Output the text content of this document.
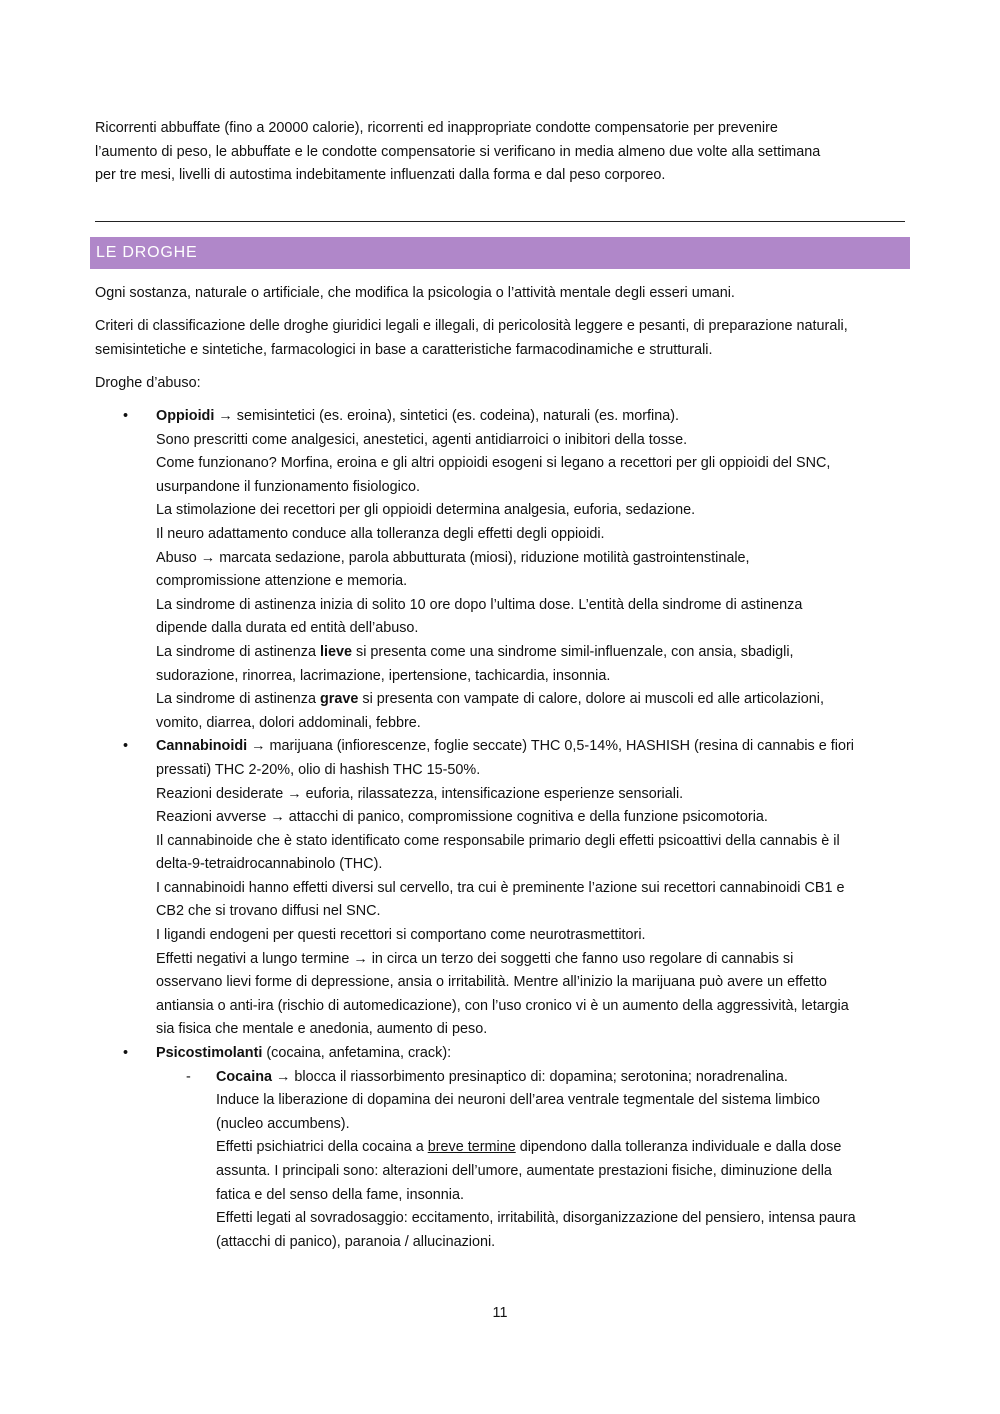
Ricorrenti abbuffate (fino a 20000 calorie), ricorrenti ed inappropriate condotte compensatorie per prevenire
l’aumento di peso, le abbuffate e le condotte compensatorie si verificano in media almeno due volte alla settimana
per tre mesi, livelli di autostima indebitamente influenzati dalla forma e dal peso corporeo.
LE DROGHE
Ogni sostanza, naturale o artificiale, che modifica la psicologia o l’attività mentale degli esseri umani.
Criteri di classificazione delle droghe giuridici legali e illegali, di pericolosità leggere e pesanti, di preparazione naturali,
semisintetiche e sintetiche, farmacologici in base a caratteristiche farmacodinamiche e strutturali.
Droghe d’abuso:
• Oppioidi → semisintetici (es. eroina), sintetici (es. codeina), naturali (es. morfina).
Sono prescritti come analgesici, anestetici, agenti antidiarroici o inibitori della tosse.
Come funzionano? Morfina, eroina e gli altri oppioidi esogeni si legano a recettori per gli oppioidi del SNC,
usurpandone il funzionamento fisiologico.
La stimolazione dei recettori per gli oppioidi determina analgesia, euforia, sedazione.
Il neuro adattamento conduce alla tolleranza degli effetti degli oppioidi.
Abuso → marcata sedazione, parola abbutturata (miosi), riduzione motilità gastrointenstinale,
compromissione attenzione e memoria.
La sindrome di astinenza inizia di solito 10 ore dopo l’ultima dose. L’entità della sindrome di astinenza
dipende dalla durata ed entità dell’abuso.
La sindrome di astinenza lieve si presenta come una sindrome simil-influenzale, con ansia, sbadigli,
sudorazione, rinorrea, lacrimazione, ipertensione, tachicardia, insonnia.
La sindrome di astinenza grave si presenta con vampate di calore, dolore ai muscoli ed alle articolazioni,
vomito, diarrea, dolori addominali, febbre.
• Cannabinoidi → marijuana (infiorescenze, foglie seccate) THC 0,5-14%, HASHISH (resina di cannabis e fiori
pressati) THC 2-20%, olio di hashish THC 15-50%.
Reazioni desiderate → euforia, rilassatezza, intensificazione esperienze sensoriali.
Reazioni avverse → attacchi di panico, compromissione cognitiva e della funzione psicomotoria.
Il cannabinoide che è stato identificato come responsabile primario degli effetti psicoattivi della cannabis è il
delta-9-tetraidrocannabinolo (THC).
I cannabinoidi hanno effetti diversi sul cervello, tra cui è preminente l’azione sui recettori cannabinoidi CB1 e
CB2 che si trovano diffusi nel SNC.
I ligandi endogeni per questi recettori si comportano come neurotrasmettitori.
Effetti negativi a lungo termine → in circa un terzo dei soggetti che fanno uso regolare di cannabis si
osservano lievi forme di depressione, ansia o irritabilità. Mentre all’inizio la marijuana può avere un effetto
antiansia o anti-ira (rischio di automedicazione), con l’uso cronico vi è un aumento della aggressività, letargia
sia fisica che mentale e anedonia, aumento di peso.
• Psicostimolanti (cocaina, anfetamina, crack):
- Cocaina → blocca il riassorbimento presinaptico di: dopamina; serotonina; noradrenalina.
Induce la liberazione di dopamina dei neuroni dell’area ventrale tegmentale del sistema limbico
(nucleo accumbens).
Effetti psichiatrici della cocaina a breve termine dipendono dalla tolleranza individuale e dalla dose
assunta. I principali sono: alterazioni dell’umore, aumentate prestazioni fisiche, diminuzione della
fatica e del senso della fame, insonnia.
Effetti legati al sovradosaggio: eccitamento, irritabilità, disorganizzazione del pensiero, intensa paura
(attacchi di panico), paranoia / allucinazioni.
11
